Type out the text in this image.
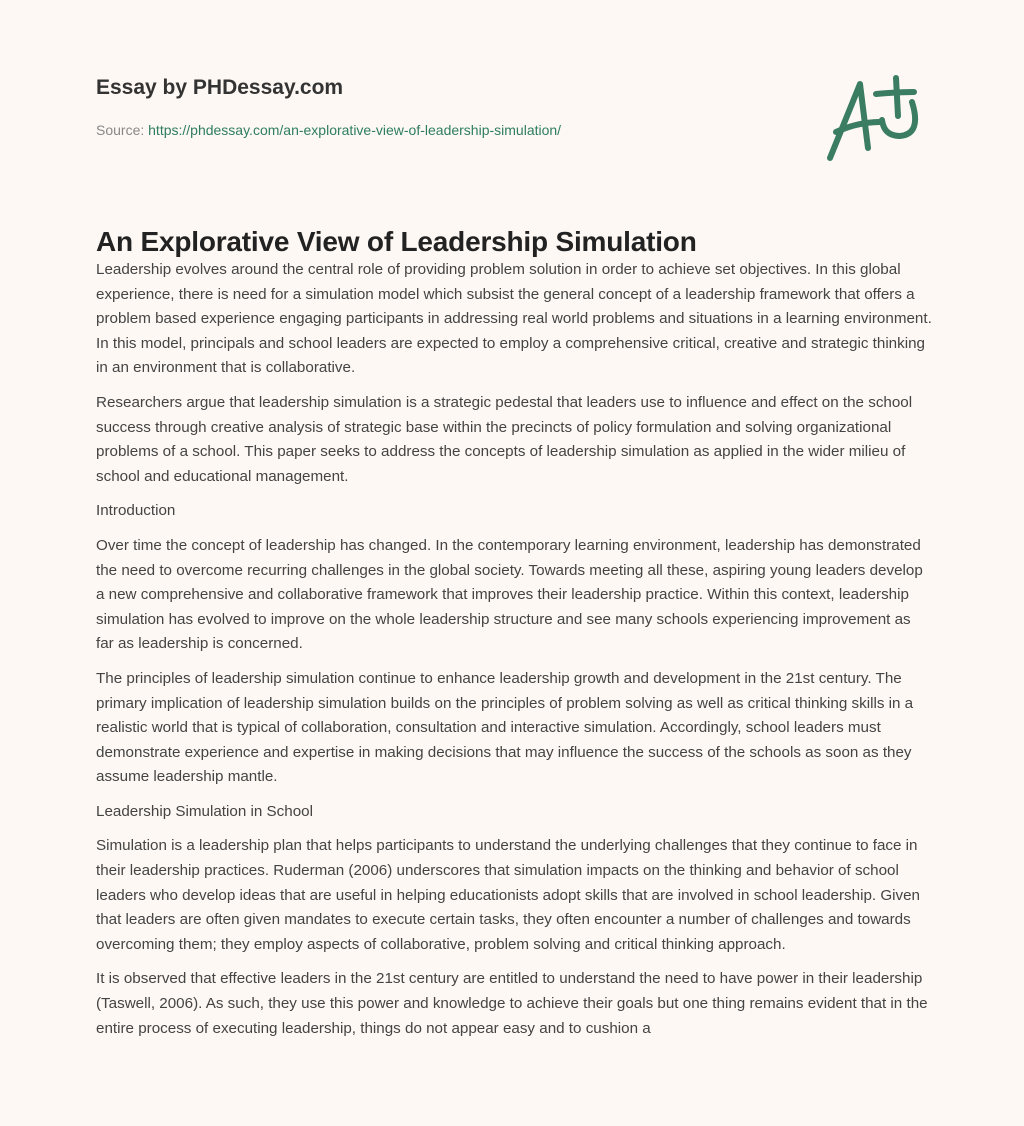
Essay by PHDessay.com

Source: https://phdessay.com/an-explorative-view-of-leadership-simulation/
An Explorative View of Leadership Simulation

Leadership evolves around the central role of providing problem solution in order to achieve set objectives. In this global experience, there is need for a simulation model which subsist the general concept of a leadership framework that offers a problem based experience engaging participants in addressing real world problems and situations in a learning environment. In this model, principals and school leaders are expected to employ a comprehensive critical, creative and strategic thinking in an environment that is collaborative.

Researchers argue that leadership simulation is a strategic pedestal that leaders use to influence and effect on the school success through creative analysis of strategic base within the precincts of policy formulation and solving organizational problems of a school. This paper seeks to address the concepts of leadership simulation as applied in the wider milieu of school and educational management.

Introduction

Over time the concept of leadership has changed. In the contemporary learning environment, leadership has demonstrated the need to overcome recurring challenges in the global society. Towards meeting all these, aspiring young leaders develop a new comprehensive and collaborative framework that improves their leadership practice. Within this context, leadership simulation has evolved to improve on the whole leadership structure and see many schools experiencing improvement as far as leadership is concerned.

The principles of leadership simulation continue to enhance leadership growth and development in the 21st century. The primary implication of leadership simulation builds on the principles of problem solving as well as critical thinking skills in a realistic world that is typical of collaboration, consultation and interactive simulation. Accordingly, school leaders must demonstrate experience and expertise in making decisions that may influence the success of the schools as soon as they assume leadership mantle.

Leadership Simulation in School

Simulation is a leadership plan that helps participants to understand the underlying challenges that they continue to face in their leadership practices. Ruderman (2006) underscores that simulation impacts on the thinking and behavior of school leaders who develop ideas that are useful in helping educationists adopt skills that are involved in school leadership. Given that leaders are often given mandates to execute certain tasks, they often encounter a number of challenges and towards overcoming them; they employ aspects of collaborative, problem solving and critical thinking approach.

It is observed that effective leaders in the 21st century are entitled to understand the need to have power in their leadership (Taswell, 2006). As such, they use this power and knowledge to achieve their goals but one thing remains evident that in the entire process of executing leadership, things do not appear easy and to cushion a
